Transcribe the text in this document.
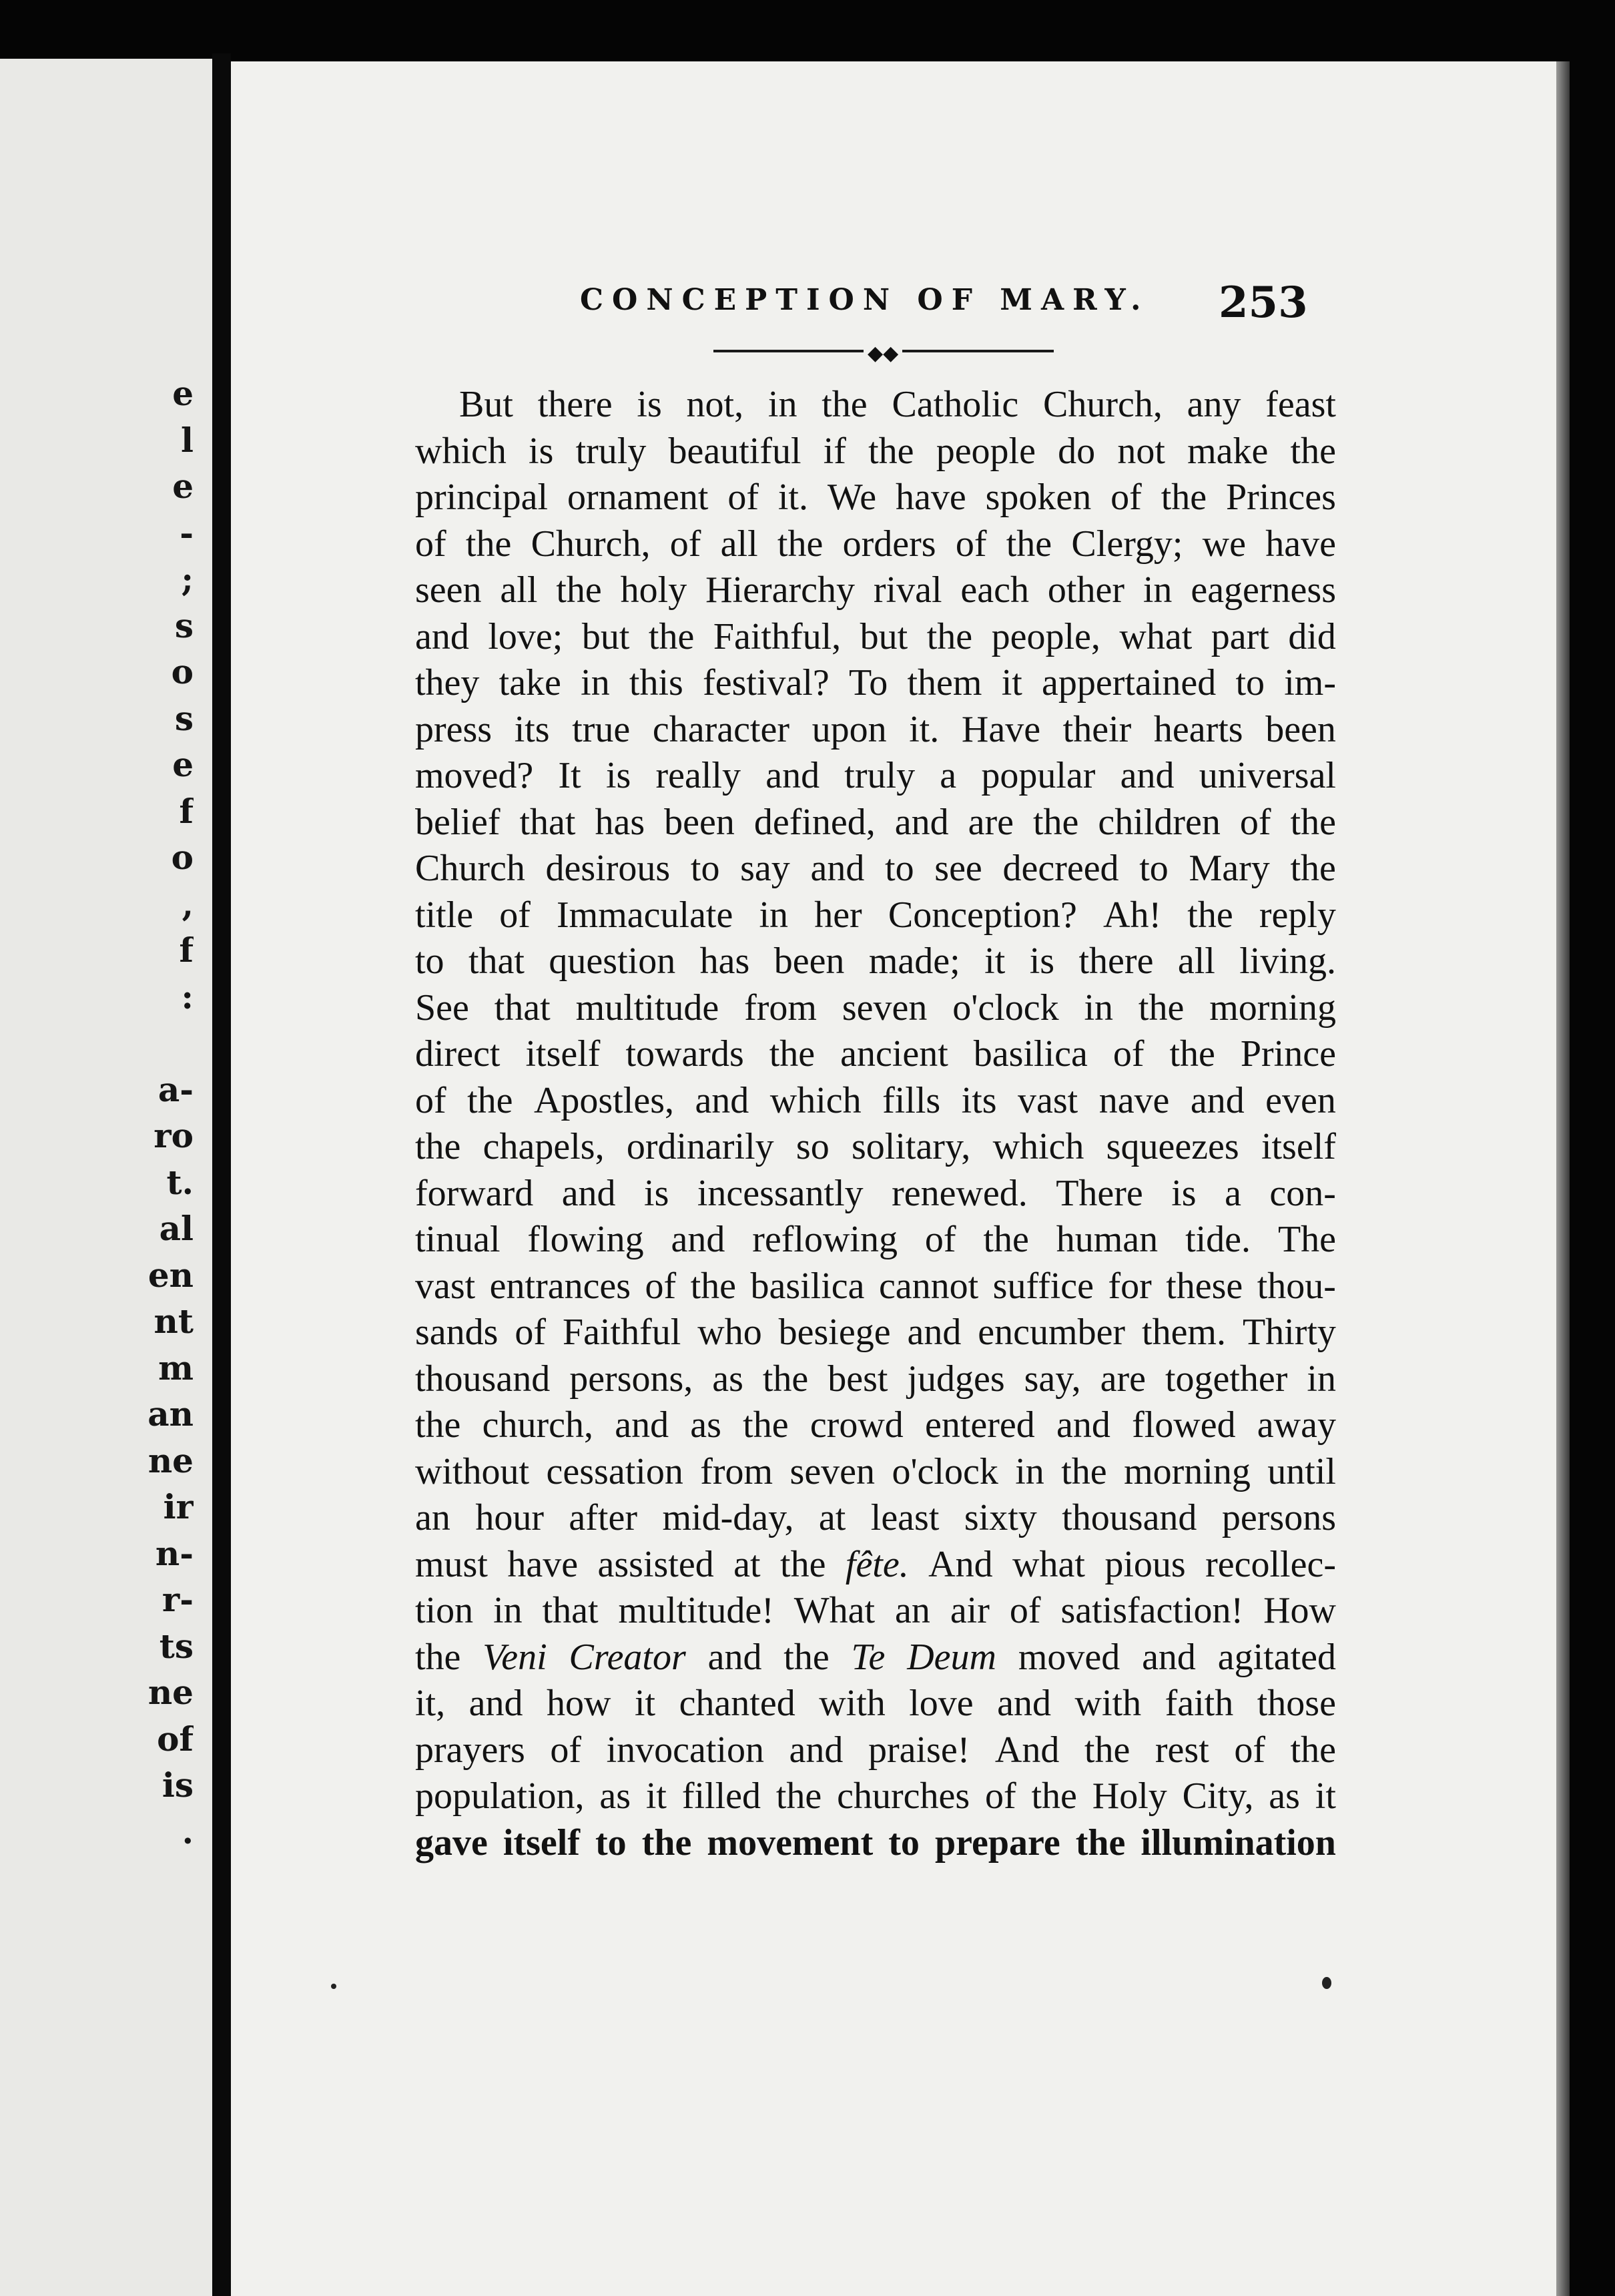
e
l
e
-
;
s
o
s
e
f
o
,
f
:
a-
ro
t.
al
en
nt
m
an
ne
ir
n-
r-
ts
ne
of
is
.
CONCEPTION OF MARY. 253
◆◆
But there is not, in the Catholic Church, any feast
which is truly beautiful if the people do not make the
principal ornament of it. We have spoken of the Princes
of the Church, of all the orders of the Clergy; we have
seen all the holy Hierarchy rival each other in eagerness
and love; but the Faithful, but the people, what part did
they take in this festival? To them it appertained to im-
press its true character upon it. Have their hearts been
moved? It is really and truly a popular and universal
belief that has been defined, and are the children of the
Church desirous to say and to see decreed to Mary the
title of Immaculate in her Conception? Ah! the reply
to that question has been made; it is there all living.
See that multitude from seven o'clock in the morning
direct itself towards the ancient basilica of the Prince
of the Apostles, and which fills its vast nave and even
the chapels, ordinarily so solitary, which squeezes itself
forward and is incessantly renewed. There is a con-
tinual flowing and reflowing of the human tide. The
vast entrances of the basilica cannot suffice for these thou-
sands of Faithful who besiege and encumber them. Thirty
thousand persons, as the best judges say, are together in
the church, and as the crowd entered and flowed away
without cessation from seven o'clock in the morning until
an hour after mid-day, at least sixty thousand persons
must have assisted at the fête. And what pious recollec-
tion in that multitude! What an air of satisfaction! How
the Veni Creator and the Te Deum moved and agitated
it, and how it chanted with love and with faith those
prayers of invocation and praise! And the rest of the
population, as it filled the churches of the Holy City, as it
gave itself to the movement to prepare the illumination
